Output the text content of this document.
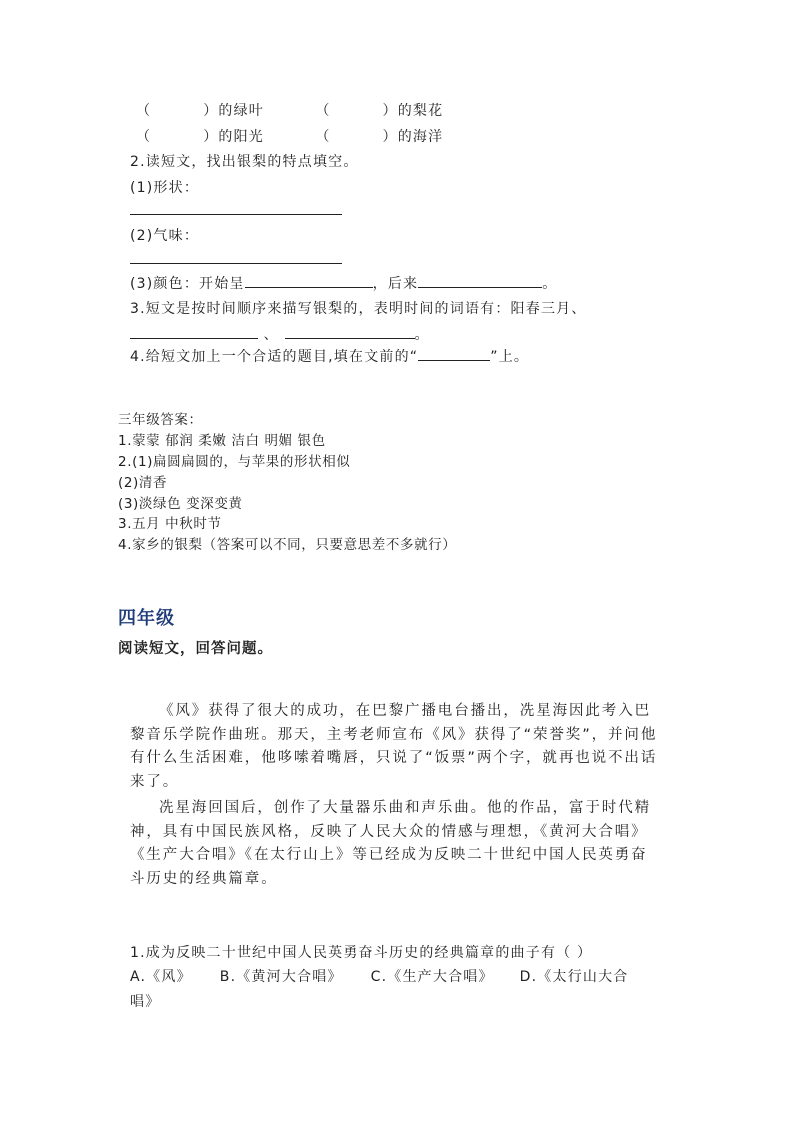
（	）的绿叶	（	）的梨花
（	）的阳光	（	）的海洋
2.读短文，找出银梨的特点填空。
(1)形状：
(2)气味：
(3)颜色：开始呈	，后来	。
3.短文是按时间顺序来描写银梨的，表明时间的词语有：阳春三月、
、	。
4.给短文加上一个合适的题目,填在文前的“	”上。
三年级答案：
1.蒙蒙 郁润 柔嫩 洁白 明媚 银色
2.(1)扁圆扁圆的，与苹果的形状相似
(2)清香
(3)淡绿色 变深变黄
3.五月 中秋时节
4.家乡的银梨（答案可以不同，只要意思差不多就行）
四年级
阅读短文，回答问题。
《风》获得了很大的成功，在巴黎广播电台播出，冼星海因此考入巴
黎音乐学院作曲班。那天，主考老师宣布《风》获得了“荣誉奖”，并问他
有什么生活困难，他哆嗦着嘴唇，只说了“饭票”两个字，就再也说不出话
来了。
冼星海回国后，创作了大量器乐曲和声乐曲。他的作品，富于时代精
神，具有中国民族风格，反映了人民大众的情感与理想，《黄河大合唱》
《生产大合唱》《在太行山上》等已经成为反映二十世纪中国人民英勇奋
斗历史的经典篇章。
1.成为反映二十世纪中国人民英勇奋斗历史的经典篇章的曲子有（ ）
A.《风》 B.《黄河大合唱》 C.《生产大合唱》 D.《太行山大合
唱》
